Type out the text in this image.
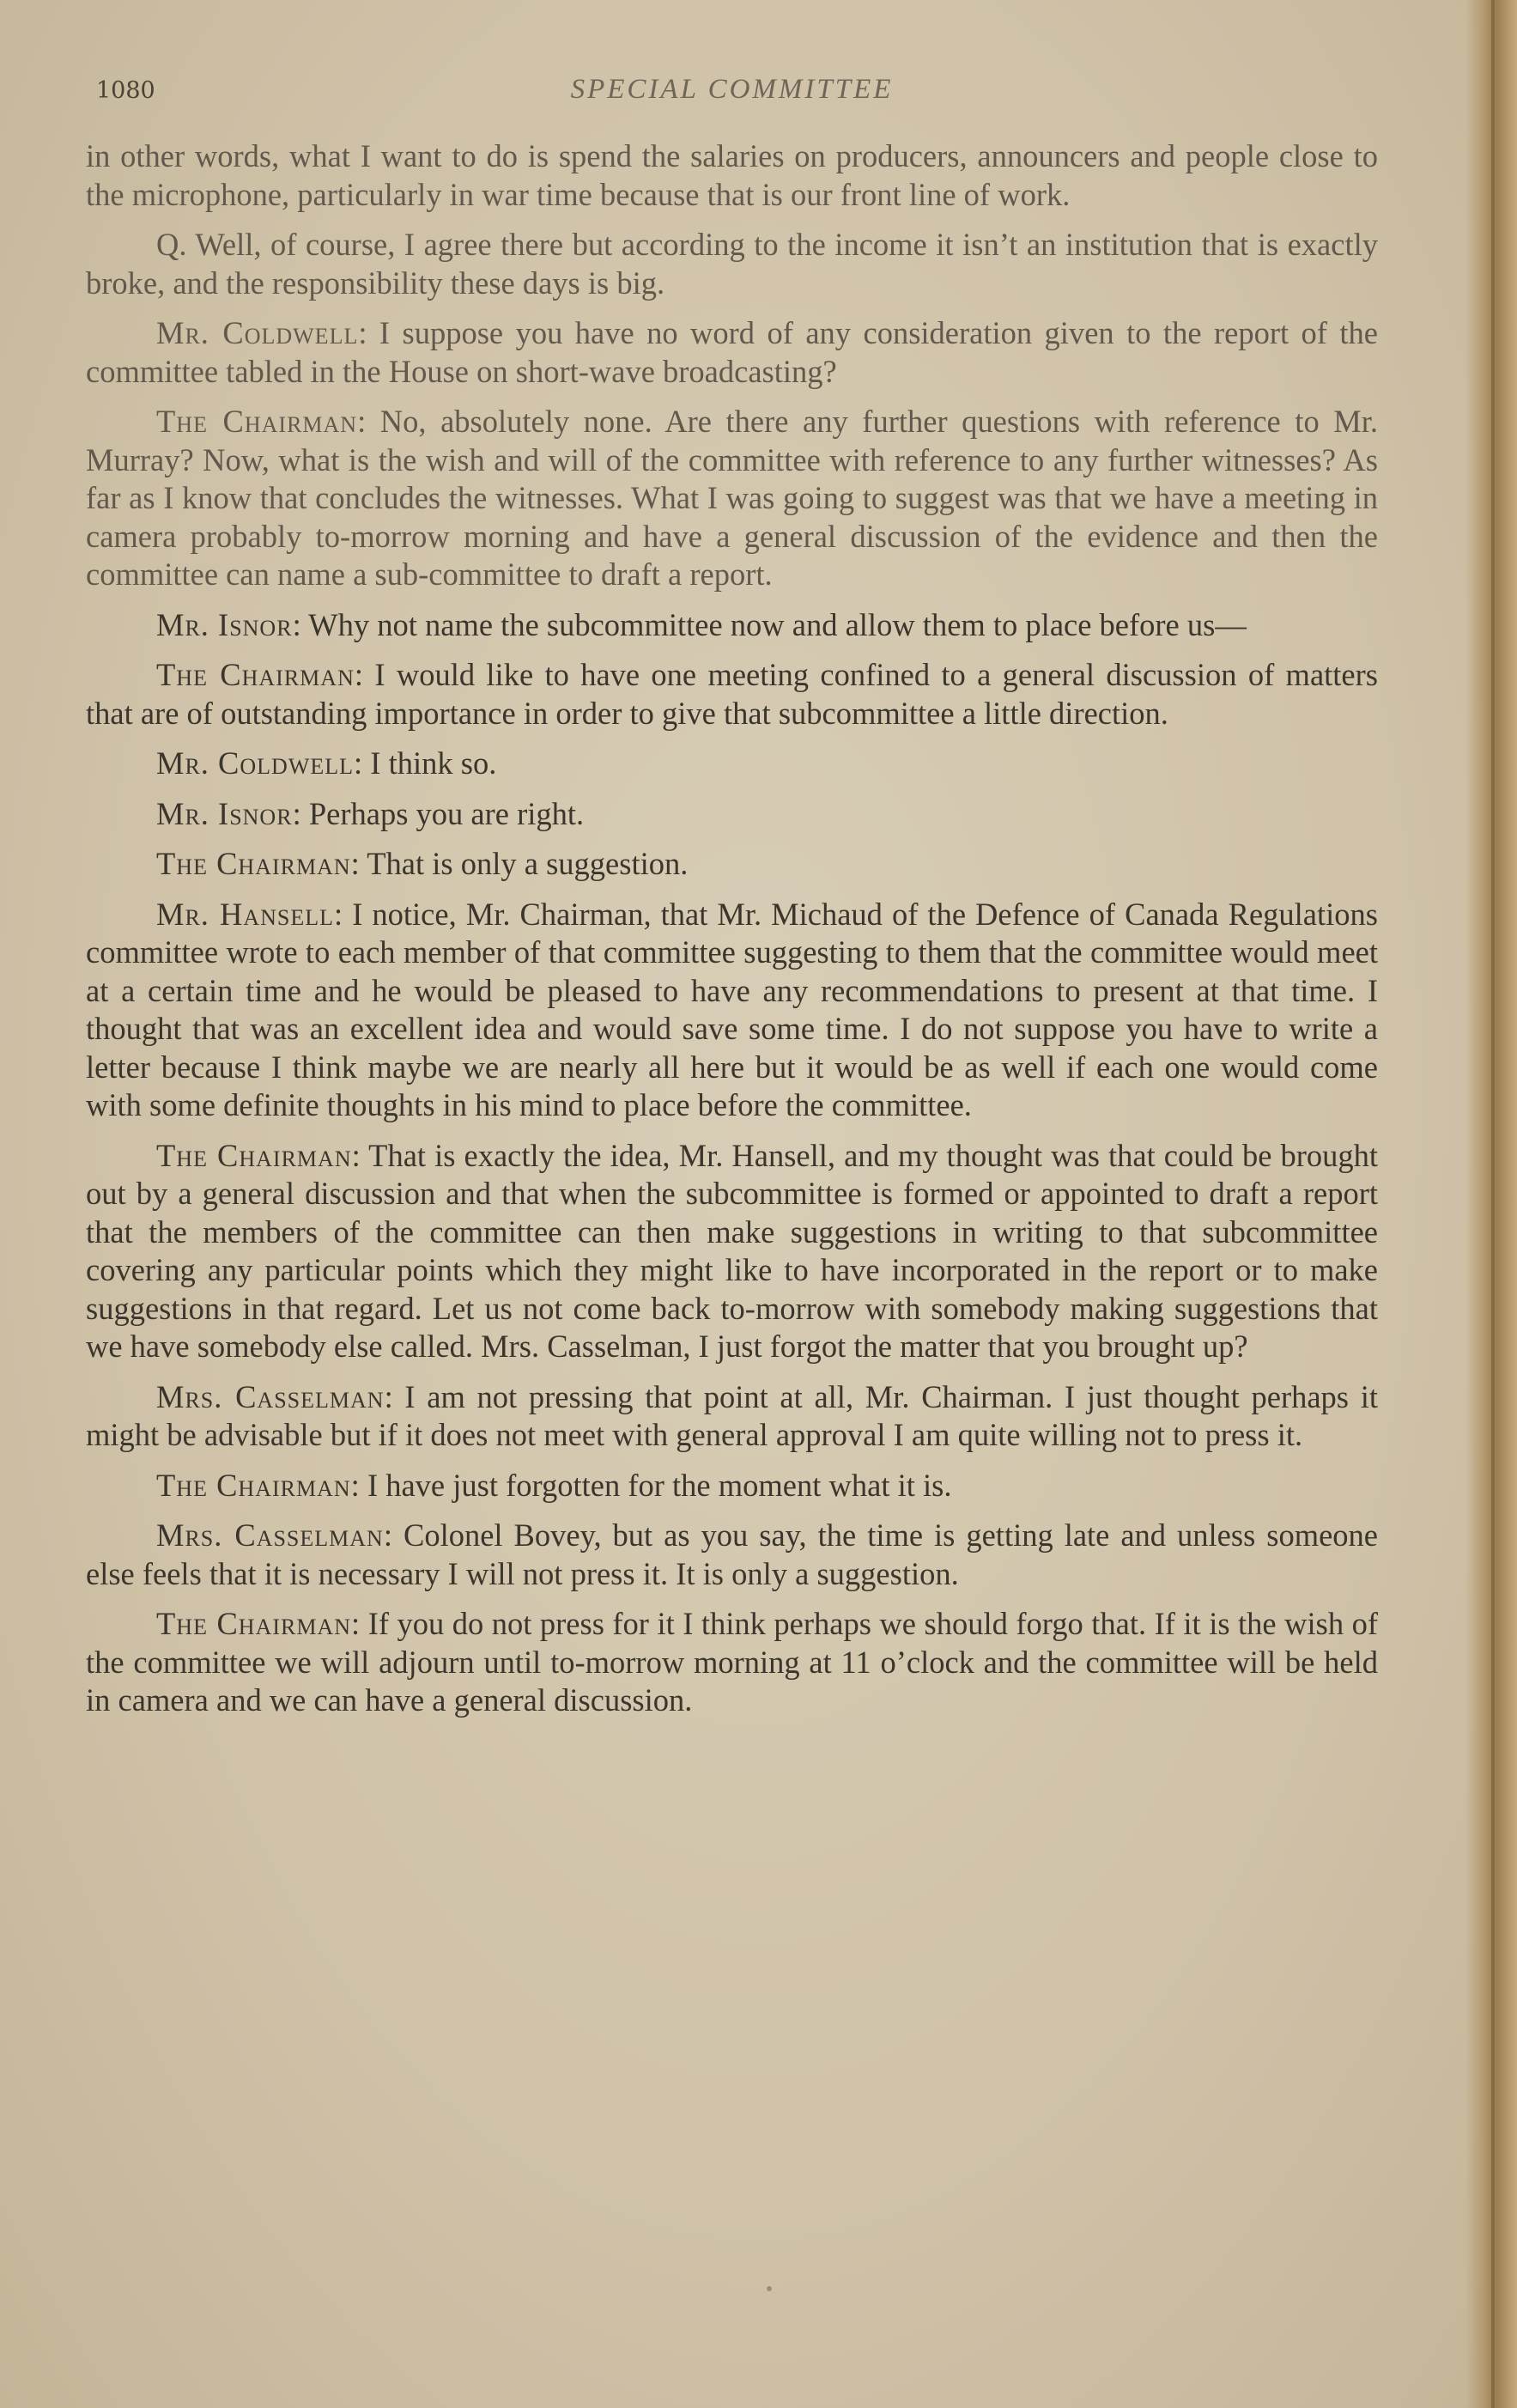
1080	SPECIAL COMMITTEE

in other words, what I want to do is spend the salaries on producers, announcers and people close to the microphone, particularly in war time because that is our front line of work.

Q. Well, of course, I agree there but according to the income it isn’t an institution that is exactly broke, and the responsibility these days is big.

Mr. Coldwell: I suppose you have no word of any consideration given to the report of the committee tabled in the House on short-wave broadcasting?

The Chairman: No, absolutely none. Are there any further questions with reference to Mr. Murray? Now, what is the wish and will of the committee with reference to any further witnesses? As far as I know that concludes the witnesses. What I was going to suggest was that we have a meeting in camera probably to-morrow morning and have a general discussion of the evidence and then the committee can name a sub-committee to draft a report.

Mr. Isnor: Why not name the subcommittee now and allow them to place before us—

The Chairman: I would like to have one meeting confined to a general discussion of matters that are of outstanding importance in order to give that subcommittee a little direction.

Mr. Coldwell: I think so.

Mr. Isnor: Perhaps you are right.

The Chairman: That is only a suggestion.

Mr. Hansell: I notice, Mr. Chairman, that Mr. Michaud of the Defence of Canada Regulations committee wrote to each member of that committee suggesting to them that the committee would meet at a certain time and he would be pleased to have any recommendations to present at that time. I thought that was an excellent idea and would save some time. I do not suppose you have to write a letter because I think maybe we are nearly all here but it would be as well if each one would come with some definite thoughts in his mind to place before the committee.

The Chairman: That is exactly the idea, Mr. Hansell, and my thought was that could be brought out by a general discussion and that when the subcommittee is formed or appointed to draft a report that the members of the committee can then make suggestions in writing to that subcommittee covering any particular points which they might like to have incorporated in the report or to make suggestions in that regard. Let us not come back to-morrow with somebody making suggestions that we have somebody else called. Mrs. Casselman, I just forgot the matter that you brought up?

Mrs. Casselman: I am not pressing that point at all, Mr. Chairman. I just thought perhaps it might be advisable but if it does not meet with general approval I am quite willing not to press it.

The Chairman: I have just forgotten for the moment what it is.

Mrs. Casselman: Colonel Bovey, but as you say, the time is getting late and unless someone else feels that it is necessary I will not press it. It is only a suggestion.

The Chairman: If you do not press for it I think perhaps we should forgo that. If it is the wish of the committee we will adjourn until to-morrow morning at 11 o’clock and the committee will be held in camera and we can have a general discussion.
